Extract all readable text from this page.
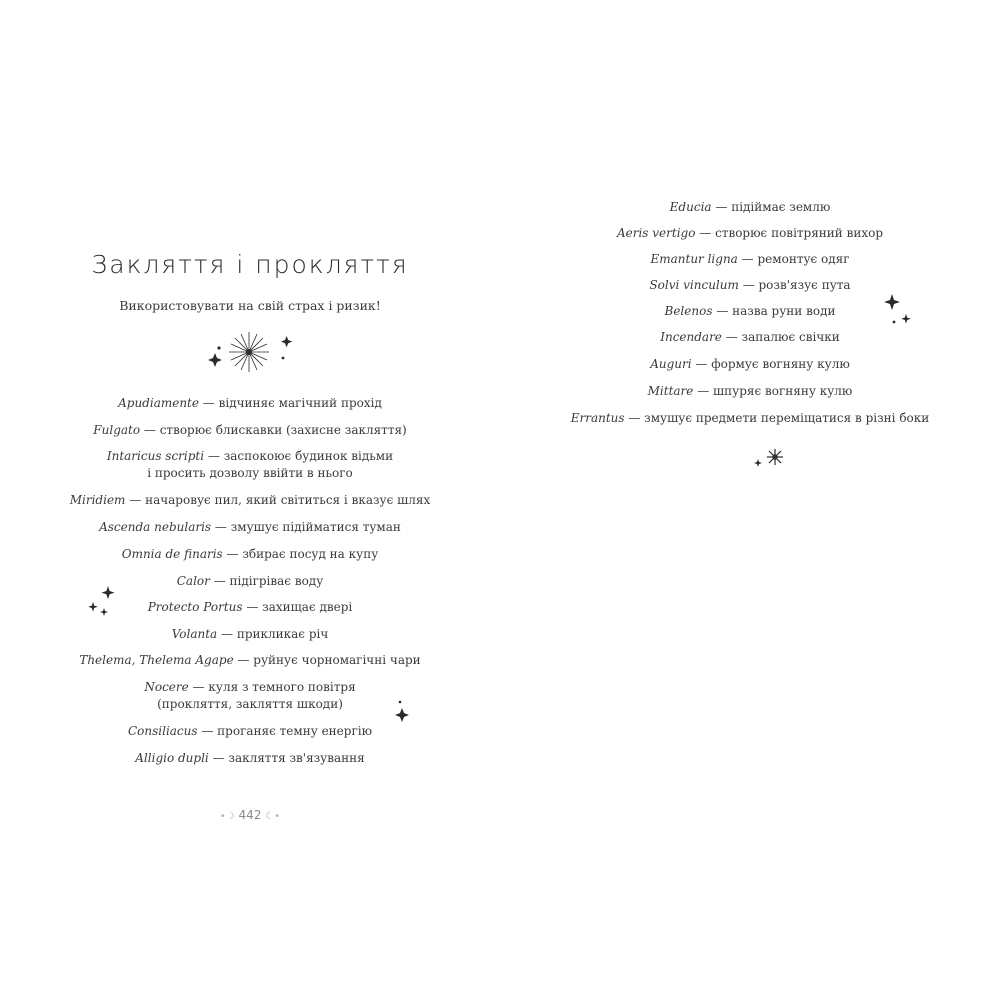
Закляття і прокляття
Використовувати на свій страх і ризик!
Apudiamente — відчиняє магічний прохід
Fulgato — створює блискавки (захисне закляття)
Intaricus scripti — заспокоює будинок відьми
і просить дозволу ввійти в нього
Miridiem — начаровує пил, який світиться і вказує шлях
Ascenda nebularis — змушує підійматися туман
Omnia de finaris — збирає посуд на купу
Calor — підігріває воду
Protecto Portus — захищає двері
Volanta — прикликає річ
Thelema, Thelema Agape — руйнує чорномагічні чари
Nocere — куля з темного повітря
(прокляття, закляття шкоди)
Consiliacus — проганяє темну енергію
Alligio dupli — закляття зв'язування
•☽ 442 ☾•
Educia — підіймає землю
Aeris vertigo — створює повітряний вихор
Emantur ligna — ремонтує одяг
Solvi vinculum — розв'язує пута
Belenos — назва руни води
Incendare — запалює свічки
Auguri — формує вогняну кулю
Mittare — шпуряє вогняну кулю
Errantus — змушує предмети переміщатися в різні боки
